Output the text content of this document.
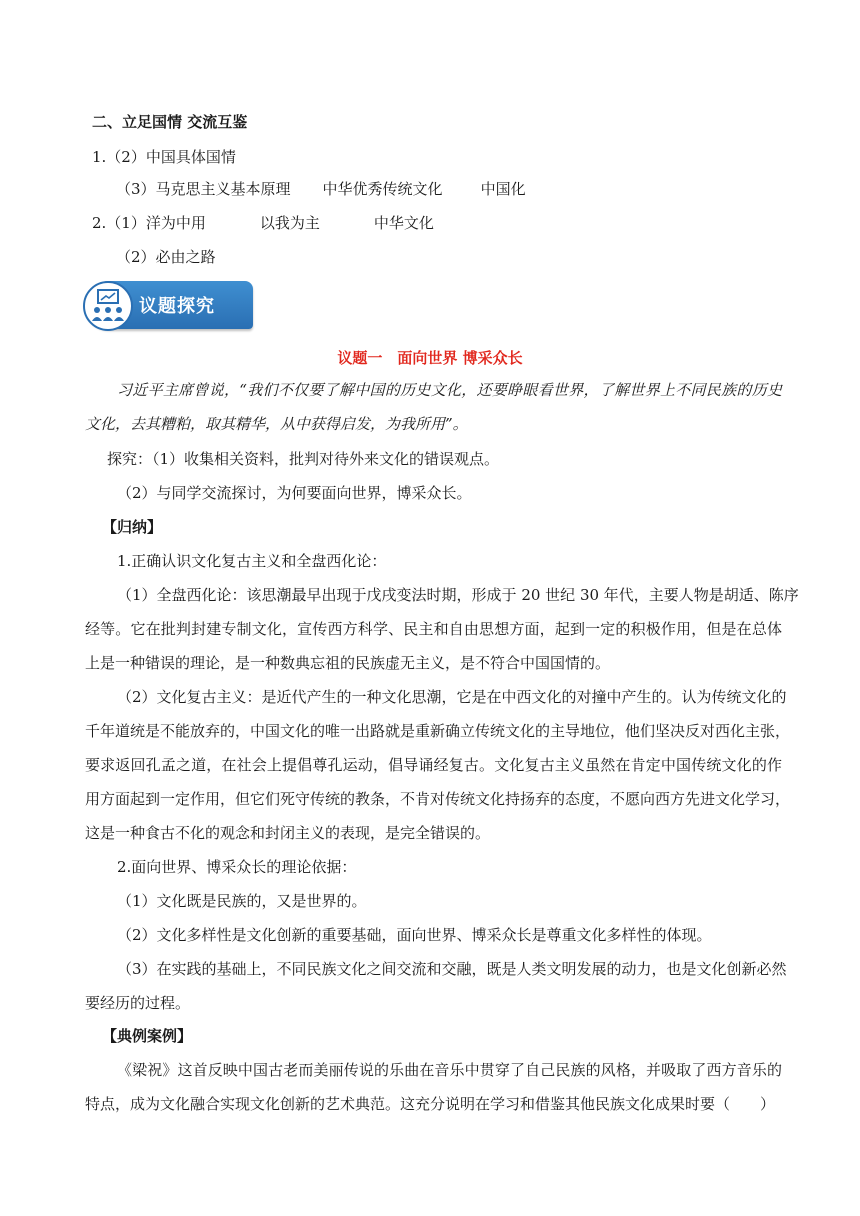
二、立足国情 交流互鉴
1.（2）中国具体国情
（3）马克思主义基本原理 中华优秀传统文化	中国化
2.（1）洋为中用	以我为主	中华文化
（2）必由之路
议题探究
议题一　面向世界 博采众长
习近平主席曾说，“我们不仅要了解中国的历史文化，还要睁眼看世界，了解世界上不同民族的历史
文化，去其糟粕，取其精华，从中获得启发，为我所用”。
探究：（1）收集相关资料，批判对待外来文化的错误观点。
（2）与同学交流探讨，为何要面向世界，博采众长。
【归纳】
1.正确认识文化复古主义和全盘西化论：
（1）全盘西化论：该思潮最早出现于戊戌变法时期，形成于 20 世纪 30 年代，主要人物是胡适、陈序
经等。它在批判封建专制文化，宣传西方科学、民主和自由思想方面，起到一定的积极作用，但是在总体
上是一种错误的理论，是一种数典忘祖的民族虚无主义，是不符合中国国情的。
（2）文化复古主义：是近代产生的一种文化思潮，它是在中西文化的对撞中产生的。认为传统文化的
千年道统是不能放弃的，中国文化的唯一出路就是重新确立传统文化的主导地位，他们坚决反对西化主张，
要求返回孔孟之道，在社会上提倡尊孔运动，倡导诵经复古。文化复古主义虽然在肯定中国传统文化的作
用方面起到一定作用，但它们死守传统的教条，不肯对传统文化持扬弃的态度，不愿向西方先进文化学习，
这是一种食古不化的观念和封闭主义的表现，是完全错误的。
2.面向世界、博采众长的理论依据：
（1）文化既是民族的，又是世界的。
（2）文化多样性是文化创新的重要基础，面向世界、博采众长是尊重文化多样性的体现。
（3）在实践的基础上，不同民族文化之间交流和交融，既是人类文明发展的动力，也是文化创新必然
要经历的过程。
【典例案例】
《梁祝》这首反映中国古老而美丽传说的乐曲在音乐中贯穿了自己民族的风格，并吸取了西方音乐的
特点，成为文化融合实现文化创新的艺术典范。这充分说明在学习和借鉴其他民族文化成果时要（　　）
